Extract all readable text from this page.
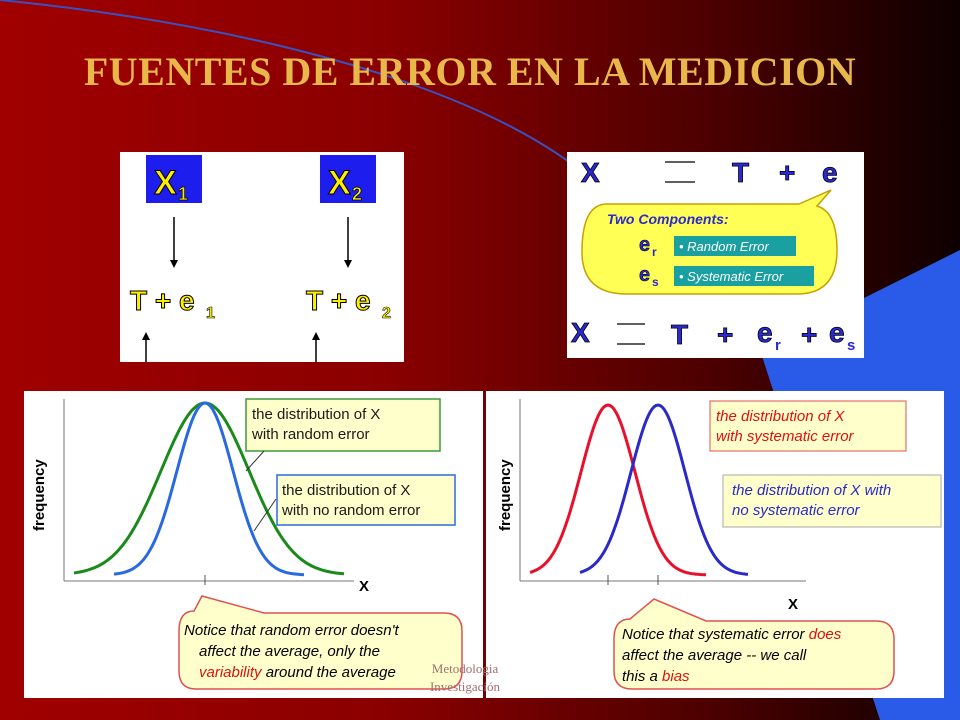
FUENTES DE ERROR EN LA MEDICION
X 1	X 2
T + e 1	T + e 2
X	T + e
Two Components:
e r • Random Error
e s • Systematic Error
X	T + e r + e s
frequency
X
the distribution of X
with random error
the distribution of X
with no random error
Notice that random error doesn't
affect the average, only the
variability around the average
frequency
X
the distribution of X
with systematic error
the distribution of X with
no systematic error
Notice that systematic error does
affect the average -- we call
this a bias
Metodologia
Investigación
